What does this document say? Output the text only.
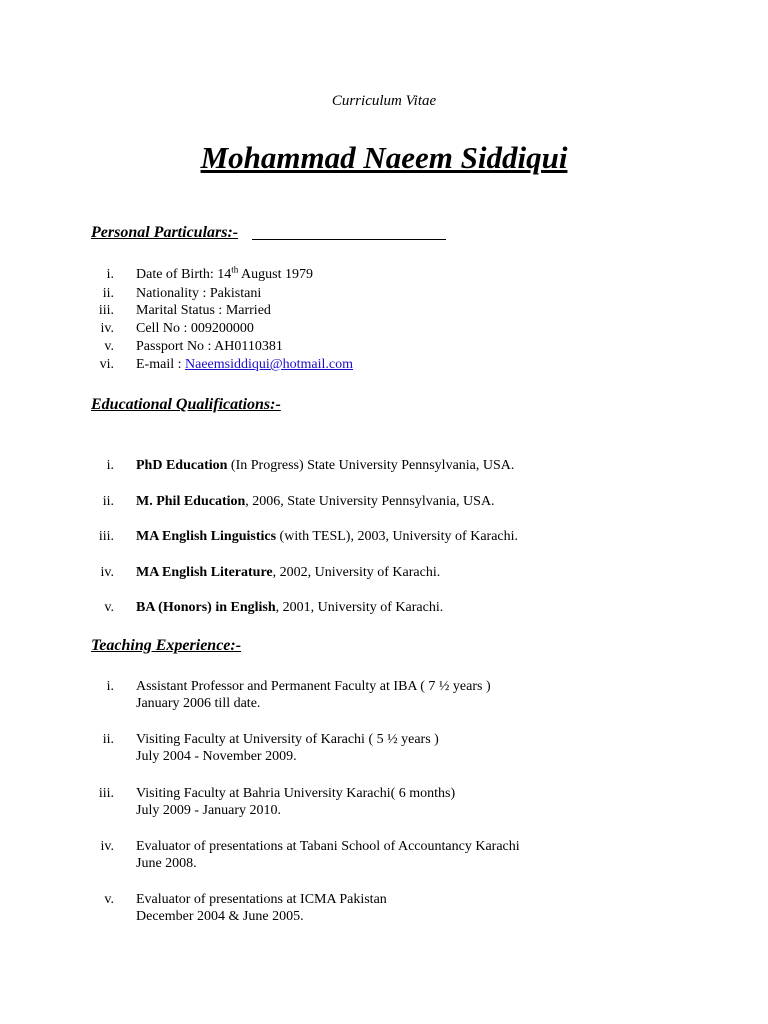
Curriculum Vitae
Mohammad Naeem Siddiqui
Personal Particulars:-
i. Date of Birth: 14th August 1979
ii. Nationality : Pakistani
iii. Marital Status : Married
iv. Cell No : 009200000
v. Passport No : AH0110381
vi. E-mail : Naeemsiddiqui@hotmail.com
Educational Qualifications:-
i. PhD Education (In Progress) State University Pennsylvania, USA.
ii. M. Phil Education, 2006, State University Pennsylvania, USA.
iii. MA English Linguistics (with TESL), 2003, University of Karachi.
iv. MA English Literature, 2002, University of Karachi.
v. BA (Honors) in English, 2001, University of Karachi.
Teaching Experience:-
i. Assistant Professor and Permanent Faculty at IBA ( 7 ½ years )
January 2006 till date.
ii. Visiting Faculty at University of Karachi ( 5 ½ years )
July 2004 - November 2009.
iii. Visiting Faculty at Bahria University Karachi( 6 months)
July 2009 - January 2010.
iv. Evaluator of presentations at Tabani School of Accountancy Karachi
June 2008.
v. Evaluator of presentations at ICMA Pakistan
December 2004 & June 2005.
